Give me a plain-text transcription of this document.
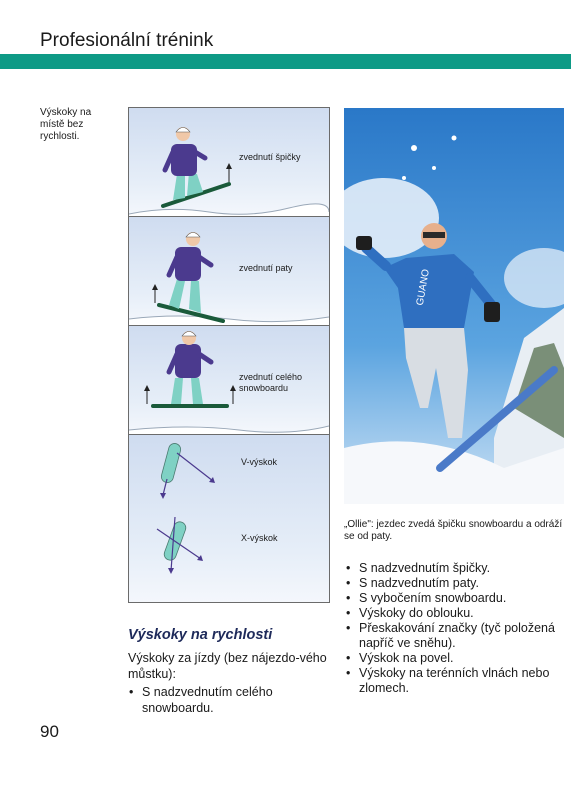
Profesionální trénink
Výskoky na místě bez rychlosti.
zvednutí špičky
zvednutí paty
zvednutí celého snowboardu
V-výskok
X-výskok
GUANO
„Ollie": jezdec zvedá špičku snowboardu a odráží se od paty.
• S nadzvednutím špičky.
• S nadzvednutím paty.
• S vybočením snowboardu.
• Výskoky do oblouku.
• Přeskakování značky (tyč položená napříč ve sněhu).
• Výskok na povel.
• Výskoky na terénních vlnách nebo zlomech.
Výskoky na rychlosti
Výskoky za jízdy (bez nájezdo-vého můstku):
• S nadzvednutím celého snowboardu.
90
